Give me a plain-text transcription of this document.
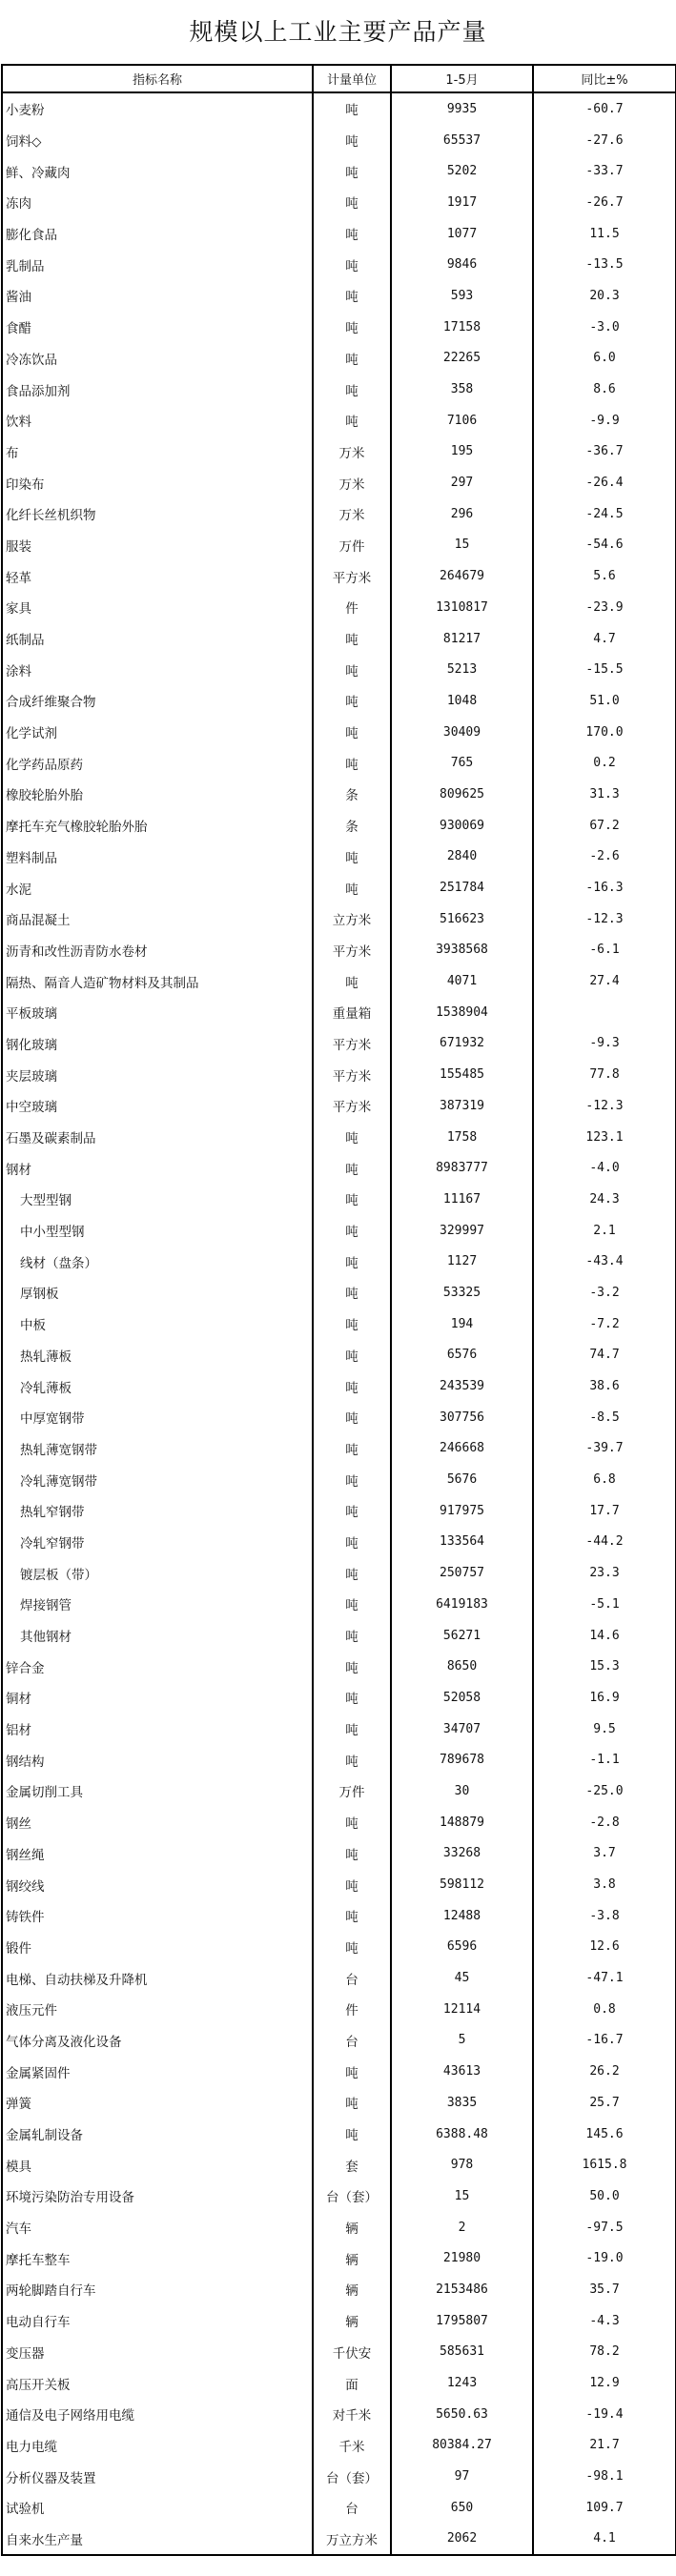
规模以上工业主要产品产量
指标名称	计量单位	1-5月	同比±%
小麦粉	吨	9935	-60.7
饲料◇	吨	65537	-27.6
鲜、冷藏肉	吨	5202	-33.7
冻肉	吨	1917	-26.7
膨化食品	吨	1077	11.5
乳制品	吨	9846	-13.5
酱油	吨	593	20.3
食醋	吨	17158	-3.0
冷冻饮品	吨	22265	6.0
食品添加剂	吨	358	8.6
饮料	吨	7106	-9.9
布	万米	195	-36.7
印染布	万米	297	-26.4
化纤长丝机织物	万米	296	-24.5
服装	万件	15	-54.6
轻革	平方米	264679	5.6
家具	件	1310817	-23.9
纸制品	吨	81217	4.7
涂料	吨	5213	-15.5
合成纤维聚合物	吨	1048	51.0
化学试剂	吨	30409	170.0
化学药品原药	吨	765	0.2
橡胶轮胎外胎	条	809625	31.3
摩托车充气橡胶轮胎外胎	条	930069	67.2
塑料制品	吨	2840	-2.6
水泥	吨	251784	-16.3
商品混凝土	立方米	516623	-12.3
沥青和改性沥青防水卷材	平方米	3938568	-6.1
隔热、隔音人造矿物材料及其制品	吨	4071	27.4
平板玻璃	重量箱	1538904	
钢化玻璃	平方米	671932	-9.3
夹层玻璃	平方米	155485	77.8
中空玻璃	平方米	387319	-12.3
石墨及碳素制品	吨	1758	123.1
钢材	吨	8983777	-4.0
大型型钢	吨	11167	24.3
中小型型钢	吨	329997	2.1
线材（盘条）	吨	1127	-43.4
厚钢板	吨	53325	-3.2
中板	吨	194	-7.2
热轧薄板	吨	6576	74.7
冷轧薄板	吨	243539	38.6
中厚宽钢带	吨	307756	-8.5
热轧薄宽钢带	吨	246668	-39.7
冷轧薄宽钢带	吨	5676	6.8
热轧窄钢带	吨	917975	17.7
冷轧窄钢带	吨	133564	-44.2
镀层板（带）	吨	250757	23.3
焊接钢管	吨	6419183	-5.1
其他钢材	吨	56271	14.6
锌合金	吨	8650	15.3
铜材	吨	52058	16.9
铝材	吨	34707	9.5
钢结构	吨	789678	-1.1
金属切削工具	万件	30	-25.0
钢丝	吨	148879	-2.8
钢丝绳	吨	33268	3.7
钢绞线	吨	598112	3.8
铸铁件	吨	12488	-3.8
锻件	吨	6596	12.6
电梯、自动扶梯及升降机	台	45	-47.1
液压元件	件	12114	0.8
气体分离及液化设备	台	5	-16.7
金属紧固件	吨	43613	26.2
弹簧	吨	3835	25.7
金属轧制设备	吨	6388.48	145.6
模具	套	978	1615.8
环境污染防治专用设备	台（套）	15	50.0
汽车	辆	2	-97.5
摩托车整车	辆	21980	-19.0
两轮脚踏自行车	辆	2153486	35.7
电动自行车	辆	1795807	-4.3
变压器	千伏安	585631	78.2
高压开关板	面	1243	12.9
通信及电子网络用电缆	对千米	5650.63	-19.4
电力电缆	千米	80384.27	21.7
分析仪器及装置	台（套）	97	-98.1
试验机	台	650	109.7
自来水生产量	万立方米	2062	4.1
